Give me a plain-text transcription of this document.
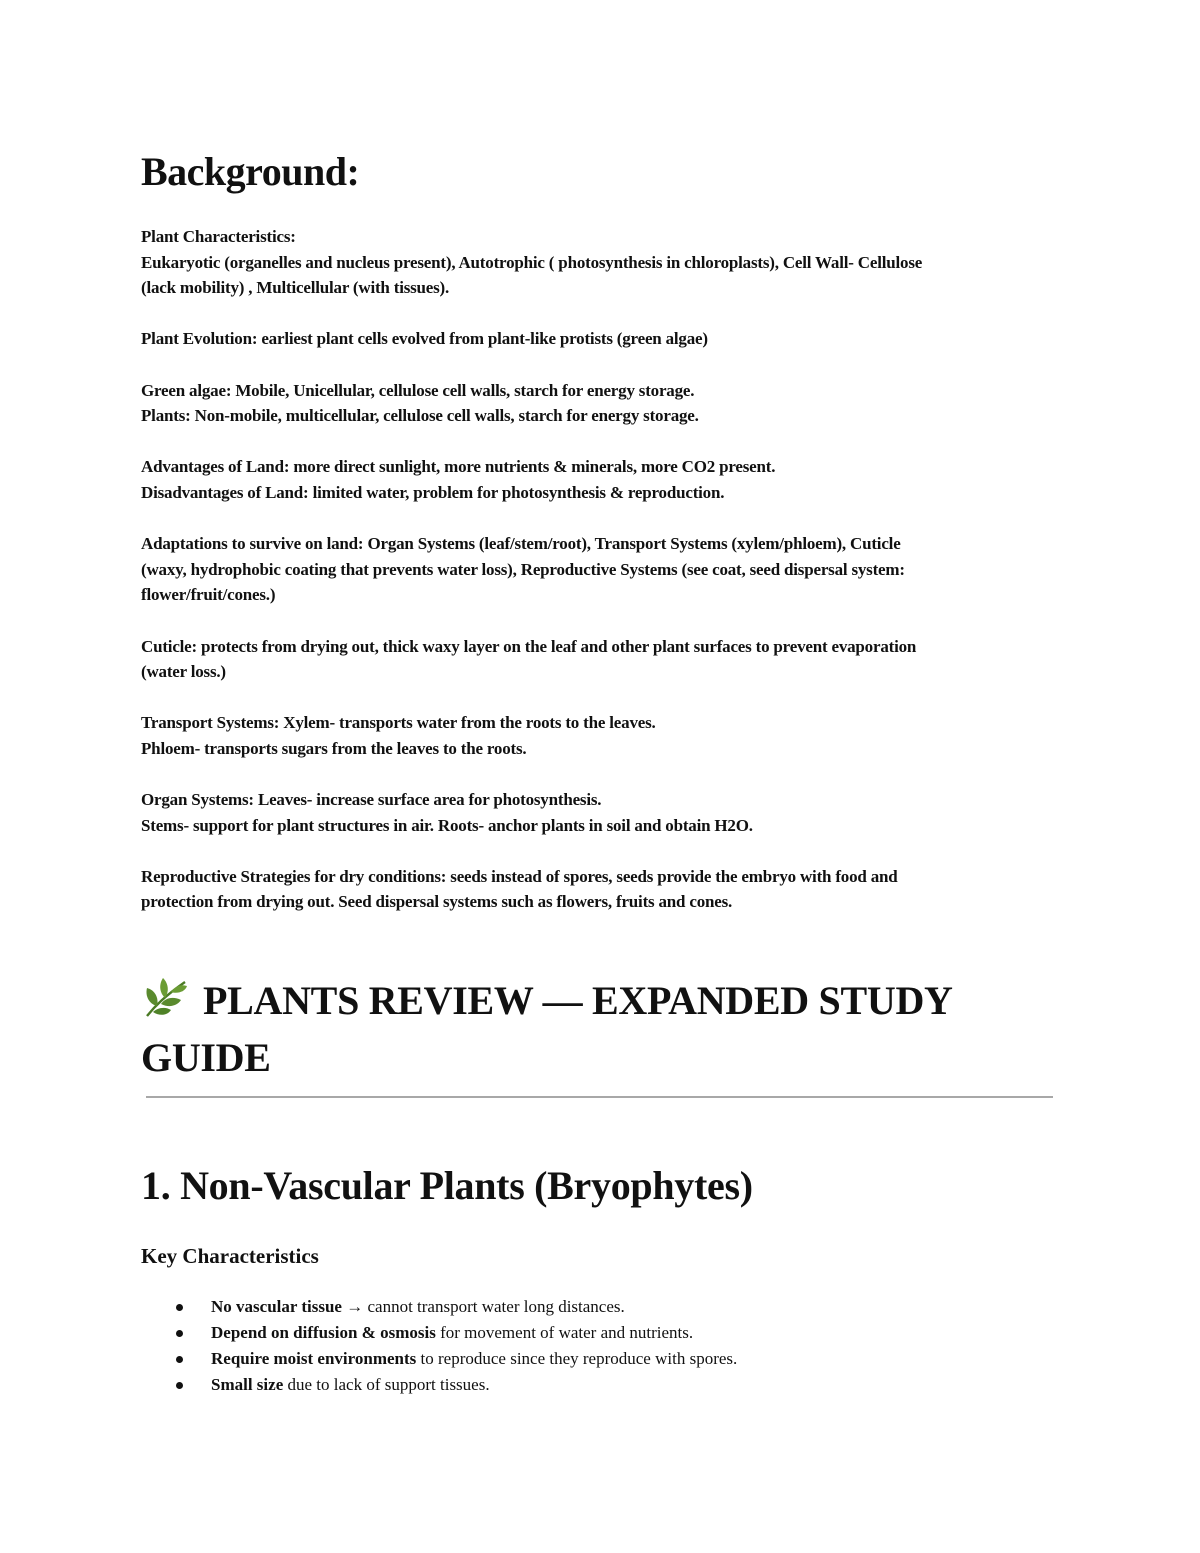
Background:

Plant Characteristics:
Eukaryotic (organelles and nucleus present), Autotrophic ( photosynthesis in chloroplasts), Cell Wall- Cellulose
(lack mobility) , Multicellular (with tissues).

Plant Evolution: earliest plant cells evolved from plant-like protists (green algae)

Green algae: Mobile, Unicellular, cellulose cell walls, starch for energy storage.
Plants: Non-mobile, multicellular, cellulose cell walls, starch for energy storage.

Advantages of Land: more direct sunlight, more nutrients & minerals, more CO2 present.
Disadvantages of Land: limited water, problem for photosynthesis & reproduction.

Adaptations to survive on land: Organ Systems (leaf/stem/root), Transport Systems (xylem/phloem), Cuticle
(waxy, hydrophobic coating that prevents water loss), Reproductive Systems (see coat, seed dispersal system:
flower/fruit/cones.)

Cuticle: protects from drying out, thick waxy layer on the leaf and other plant surfaces to prevent evaporation
(water loss.)

Transport Systems: Xylem- transports water from the roots to the leaves.
Phloem- transports sugars from the leaves to the roots.

Organ Systems: Leaves- increase surface area for photosynthesis.
Stems- support for plant structures in air. Roots- anchor plants in soil and obtain H2O.

Reproductive Strategies for dry conditions: seeds instead of spores, seeds provide the embryo with food and
protection from drying out. Seed dispersal systems such as flowers, fruits and cones.

PLANTS REVIEW — EXPANDED STUDY GUIDE
1. Non-Vascular Plants (Bryophytes)
Key Characteristics
No vascular tissue → cannot transport water long distances.
Depend on diffusion & osmosis for movement of water and nutrients.
Require moist environments to reproduce since they reproduce with spores.
Small size due to lack of support tissues.
